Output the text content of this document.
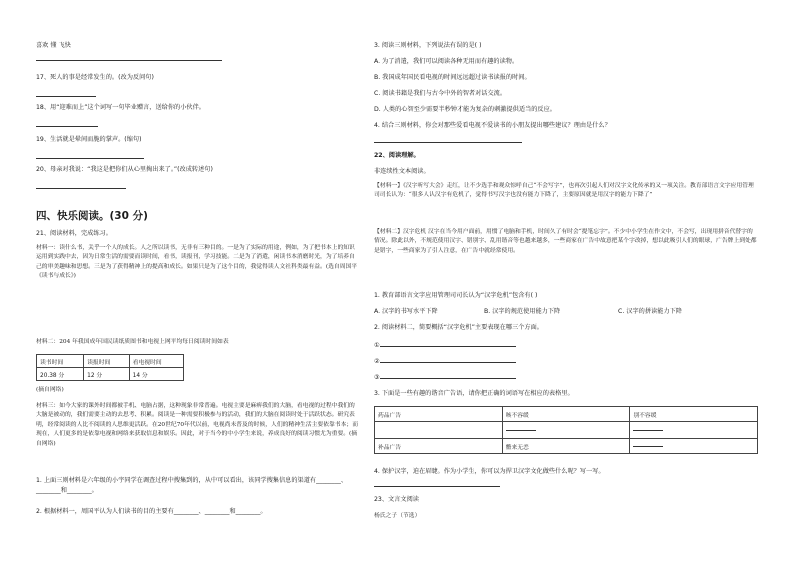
喜欢 懂 飞快
17、死人的事是经常发生的。(改为反问句)
18、用“迎难而上”这个词写一句毕业赠言，送给你的小伙伴。
19、生活就是晕间而脆的掌声。(缩句)
20、母亲对我说：“我这是把你们从心里掏出来了。”(改成转述句)
四、快乐阅读。(30 分)
21、阅读材料，完成练习。
材料一：读什么书，关乎一个人的成长。人之所以读书，无非有三种目的。一是为了实际的用途，例如，为了把书本上的知识运用到实践中去，因为日常生活的需要而读时间，看书，读报刊，学习技能。二是为了消遣，闲读书本消磨时光，为了培养自己的审美趣味和思想。三是为了获得精神上的提高和成长。如果只是为了这个目的，我觉得读人文社科类最有益。(选自周国平《读书与成长》)
材料二：204 年我国成年国民读纸质图书和电视上网平均每日阅读时间如表
读书时间	读报时间	看电视时间
20.38 分	12 分	14 分
(摘自网络)
材料三：如今大家的课外时间都被手机、电脑占据，这种现象非常普遍。电视主要是麻痹我们的大脑，看电视的过程中我们的大脑是被动的，我们需要主动的去思考、积累。阅读是一种需要积极参与的活动，我们的大脑在阅读时处于活跃状态。研究表明，经常阅读的人比不阅读的人思维更活跃。在20世纪70年代以前，电视尚未普及的时候，人们的精神生活主要依靠书本；而现在，人们更多的是依靠电视和网络来获取信息和娱乐。因此，对于当今的中小学生来说，养成良好的阅读习惯尤为重要。(摘自网络)
1. 上面三则材料是六年级的小宇同学在调查过程中搜集到的，从中可以看出，该同学搜集信息的渠道有________、________和________。
2. 根据材料一，周国平认为人们读书的目的主要有________、________和________。
3. 阅读三则材料，下列说法有误的是( )
A. 为了消遣，我们可以阅读各种无用而有趣的读物。
B. 我国成年国民看电视的时间远远超过读书读报的时间。
C. 阅读书籍是我们与古今中外的智者对话交流。
D. 人类的心智至少需要半秒钟才能为复杂的刺激提供适当的反应。
4. 结合三则材料，你会对那些爱看电视不爱读书的小朋友提出哪些建议？理由是什么？
22、阅读理解。
非连续性文本阅读。
【材料一】《汉字听写大会》走红，让不少选手和观众惊呼自己“不会写字”，也再次引起人们对汉字文化传承的又一项关注。教育部语言文字应用管理司司长认为：“很多人认汉字有危机了，觉得书写汉字也没有能力下降了，主要原因就是用汉字的能力下降了”
【材料二】汉字危机 汉字在当今用户面前，用惯了电脑和手机，时间久了有时会“提笔忘字”。不少中小学生在作文中，不会写，出现用拼音代替字的情况。除此以外，不规范使用汉字、错别字、乱用谐音等也越来越多，一些商家在广告中故意把某个字改掉，想以此吸引人们的眼球，广告牌上到处都是错字，一些商家为了引人注意，在广告中就经常使用。
1. 教育部语言文字应用管理司司长认为“汉字危机”包含有( )
A. 汉字的书写水平下降	B. 汉字的规范使用能力下降	C. 汉字的拼读能力下降
2. 阅读材料二，简要概括“汉字危机”主要表现在哪三个方面。
①
②
③
3. 下面是一些有趣的谐音广告语，请你把正确的词语写在相应的表格里。
药品广告	咳不容缓	别不容缓

补品广告	鳖来无恙	
4. 保护汉字，迫在眉睫。作为小学生，你可以为捍卫汉字文化做些什么呢？写一写。
23、文言文阅读
杨氏之子（节选）
